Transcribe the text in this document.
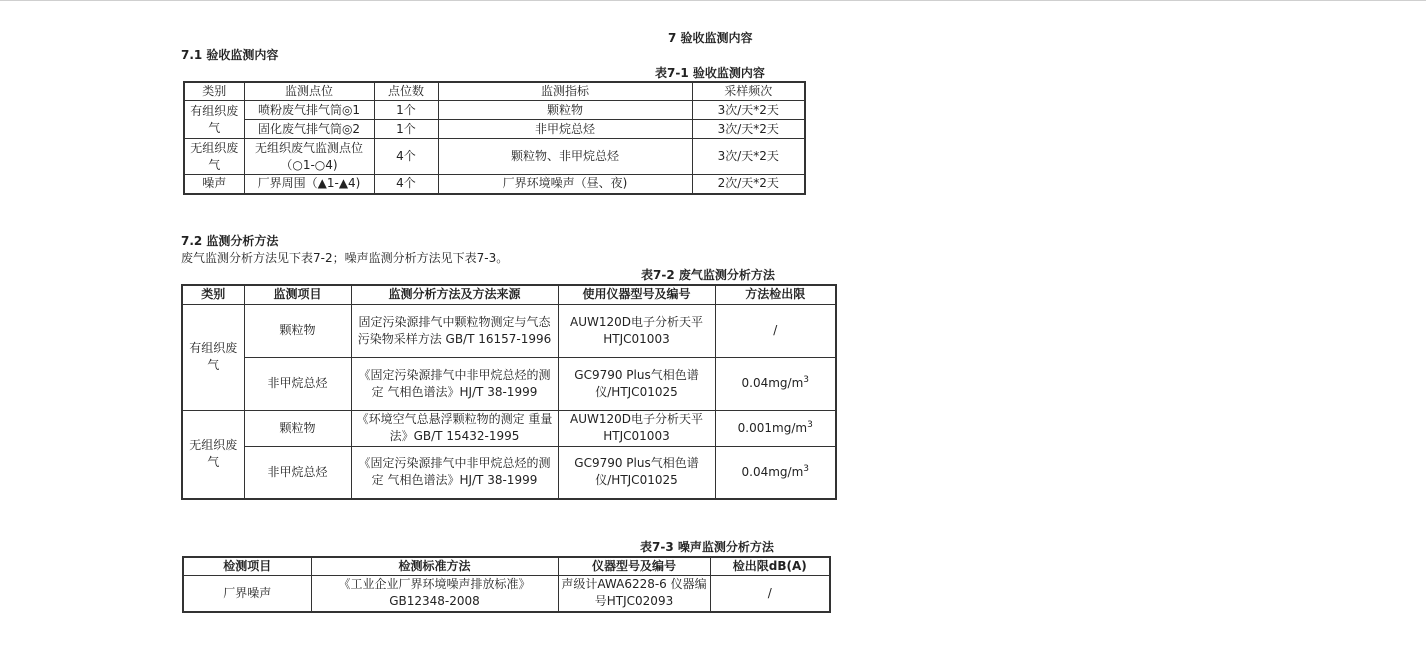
7 验收监测内容
7.1 验收监测内容
表7-1 验收监测内容
类别	监测点位	点位数	监测指标	采样频次
有组织废气	喷粉废气排气筒◎1	1个	颗粒物	3次/天*2天
	固化废气排气筒◎2	1个	非甲烷总烃	3次/天*2天
无组织废气	无组织废气监测点位（○1-○4)	4个	颗粒物、非甲烷总烃	3次/天*2天
噪声	厂界周围（▲1-▲4)	4个	厂界环境噪声（昼、夜)	2次/天*2天
7.2 监测分析方法
废气监测分析方法见下表7-2；噪声监测分析方法见下表7-3。
表7-2 废气监测分析方法
类别	监测项目	监测分析方法及方法来源	使用仪器型号及编号	方法检出限
有组织废气	颗粒物	固定污染源排气中颗粒物测定与气态污染物采样方法 GB/T 16157-1996	AUW120D电子分析天平HTJC01003	/
	非甲烷总烃	《固定污染源排气中非甲烷总烃的测定 气相色谱法》HJ/T 38-1999	GC9790 Plus气相色谱仪/HTJC01025	$0.04mg/m^3$
无组织废气	颗粒物	《环境空气总悬浮颗粒物的测定 重量法》GB/T 15432-1995	AUW120D电子分析天平HTJC01003	$0.001mg/m^3$
	非甲烷总烃	《固定污染源排气中非甲烷总烃的测定 气相色谱法》HJ/T 38-1999	GC9790 Plus气相色谱仪/HTJC01025	$0.04mg/m^3$
表7-3 噪声监测分析方法
检测项目	检测标准方法	仪器型号及编号	检出限dB(A)
厂界噪声	《工业企业厂界环境噪声排放标准》GB12348-2008	声级计AWA6228-6 仪器编号HTJC02093	/
